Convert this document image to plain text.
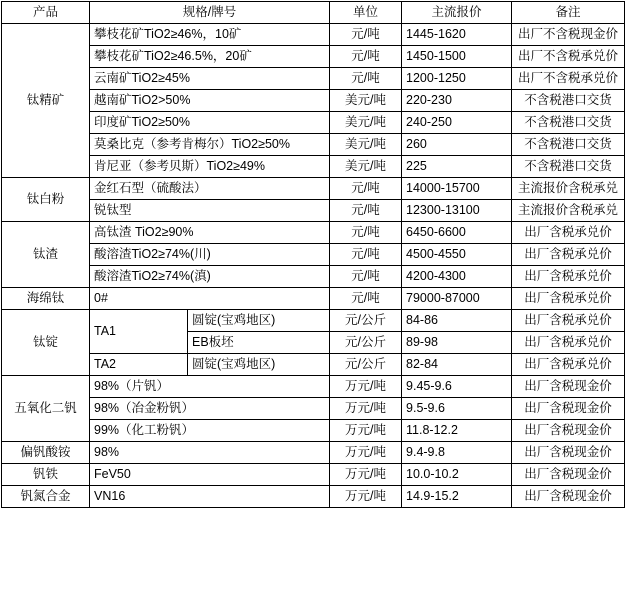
产品	规格/牌号		单位	主流报价	备注
钛精矿	攀枝花矿TiO2≥46%，10矿		元/吨	1445-1620	出厂不含税现金价
	攀枝花矿TiO2≥46.5%，20矿		元/吨	1450-1500	出厂不含税承兑价
	云南矿TiO2≥45%		元/吨	1200-1250	出厂不含税承兑价
	越南矿TiO2>50%		美元/吨	220-230	不含税港口交货
	印度矿TiO2≥50%		美元/吨	240-250	不含税港口交货
	莫桑比克（参考肯梅尔）TiO2≥50%		美元/吨	260	不含税港口交货
	肯尼亚（参考贝斯）TiO2≥49%		美元/吨	225	不含税港口交货
钛白粉	金红石型（硫酸法）		元/吨	14000-15700	主流报价含税承兑
	锐钛型		元/吨	12300-13100	主流报价含税承兑
钛渣	高钛渣 TiO2≥90%		元/吨	6450-6600	出厂含税承兑价
	酸溶渣TiO2≥74%(川)		元/吨	4500-4550	出厂含税承兑价
	酸溶渣TiO2≥74%(滇)		元/吨	4200-4300	出厂含税承兑价
海绵钛	0#		元/吨	79000-87000	出厂含税承兑价
钛锭	TA1	圆锭(宝鸡地区)	元/公斤	84-86	出厂含税承兑价
		EB板坯	元/公斤	89-98	出厂含税承兑价
	TA2	圆锭(宝鸡地区)	元/公斤	82-84	出厂含税承兑价
五氧化二钒	98%（片钒）		万元/吨	9.45-9.6	出厂含税现金价
	98%（冶金粉钒）		万元/吨	9.5-9.6	出厂含税现金价
	99%（化工粉钒）		万元/吨	11.8-12.2	出厂含税现金价
偏钒酸铵	98%		万元/吨	9.4-9.8	出厂含税现金价
钒铁	FeV50		万元/吨	10.0-10.2	出厂含税现金价
钒氮合金	VN16		万元/吨	14.9-15.2	出厂含税现金价
